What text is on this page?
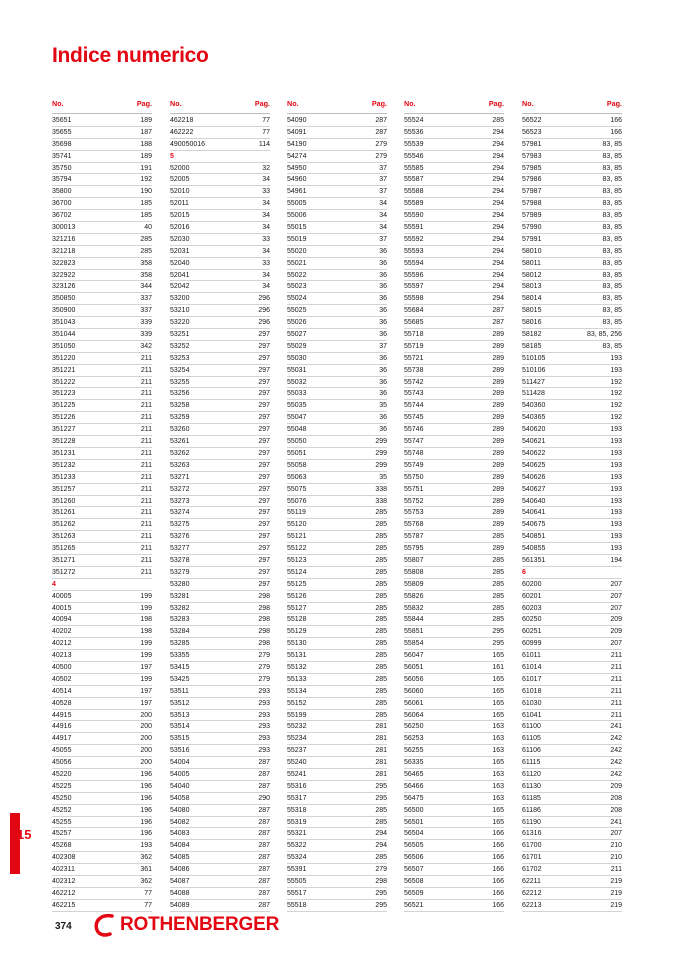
Indice numerico
No.	Pag.
35651	189
35655	187
35698	188
35741	189
35750	191
35794	192
35800	190
36700	185
36702	185
300013	40
321216	285
321218	285
322823	358
322922	358
323126	344
350850	337
350900	337
351043	339
351044	339
351050	342
351220	211
351221	211
351222	211
351223	211
351225	211
351226	211
351227	211
351228	211
351231	211
351232	211
351233	211
351257	211
351260	211
351261	211
351262	211
351263	211
351265	211
351271	211
351272	211
4
40005	199
40015	199
40094	198
40202	198
40212	199
40213	199
40500	197
40502	199
40514	197
40528	197
44915	200
44916	200
44917	200
45055	200
45056	200
45220	196
45225	196
45250	196
45252	196
45255	196
45257	196
45268	193
402308	362
402311	361
402312	362
462212	77
462215	77
No.	Pag.
462218	77
462222	77
490050016	114
5
52000	32
52005	34
52010	33
52011	34
52015	34
52016	34
52030	33
52031	34
52040	33
52041	34
52042	34
53200	296
53210	296
53220	296
53251	297
53252	297
53253	297
53254	297
53255	297
53256	297
53258	297
53259	297
53260	297
53261	297
53262	297
53263	297
53271	297
53272	297
53273	297
53274	297
53275	297
53276	297
53277	297
53278	297
53279	297
53280	297
53281	298
53282	298
53283	298
53284	298
53285	298
53355	279
53415	279
53425	279
53511	293
53512	293
53513	293
53514	293
53515	293
53516	293
54004	287
54005	287
54040	287
54058	290
54080	287
54082	287
54083	287
54084	287
54085	287
54086	287
54087	287
54088	287
54089	287
No.	Pag.
54090	287
54091	287
54190	279
54274	279
54950	37
54960	37
54961	37
55005	34
55006	34
55015	34
55019	37
55020	36
55021	36
55022	36
55023	36
55024	36
55025	36
55026	36
55027	36
55029	37
55030	36
55031	36
55032	36
55033	36
55035	35
55047	36
55048	36
55050	299
55051	299
55058	299
55063	35
55075	338
55076	338
55119	285
55120	285
55121	285
55122	285
55123	285
55124	285
55125	285
55126	285
55127	285
55128	285
55129	285
55130	285
55131	285
55132	285
55133	285
55134	285
55152	285
55199	285
55232	281
55234	281
55237	281
55240	281
55241	281
55316	295
55317	295
55318	285
55319	285
55321	294
55322	294
55324	285
55391	279
55505	298
55517	295
55518	295
No.	Pag.
55524	285
55536	294
55539	294
55546	294
55585	294
55587	294
55588	294
55589	294
55590	294
55591	294
55592	294
55593	294
55594	294
55596	294
55597	294
55598	294
55684	287
55685	287
55718	289
55719	289
55721	289
55738	289
55742	289
55743	289
55744	289
55745	289
55746	289
55747	289
55748	289
55749	289
55750	289
55751	289
55752	289
55753	289
55768	289
55787	285
55795	289
55807	285
55808	285
55809	285
55826	285
55832	285
55844	285
55851	295
55854	295
56047	165
56051	161
56056	165
56060	165
56061	165
56064	165
56250	163
56253	163
56255	163
56335	165
56465	163
56466	163
56475	163
56500	165
56501	165
56504	166
56505	166
56506	166
56507	166
56508	166
56509	166
56521	166
No.	Pag.
56522	166
56523	166
57981	83, 85
57983	83, 85
57985	83, 85
57986	83, 85
57987	83, 85
57988	83, 85
57989	83, 85
57990	83, 85
57991	83, 85
58010	83, 85
58011	83, 85
58012	83, 85
58013	83, 85
58014	83, 85
58015	83, 85
58016	83, 85
58182	83, 85, 256
58185	83, 85
510105	193
510106	193
511427	192
511428	192
540360	192
540365	192
540620	193
540621	193
540622	193
540625	193
540626	193
540627	193
540640	193
540641	193
540675	193
540851	193
540855	193
561351	194
6
60200	207
60201	207
60203	207
60250	209
60251	209
60999	207
61011	211
61014	211
61017	211
61018	211
61030	211
61041	211
61100	241
61105	242
61106	242
61115	242
61120	242
61130	209
61185	208
61186	208
61190	241
61316	207
61700	210
61701	210
61702	211
62211	219
62212	219
62213	219
15
374	ROTHENBERGER
